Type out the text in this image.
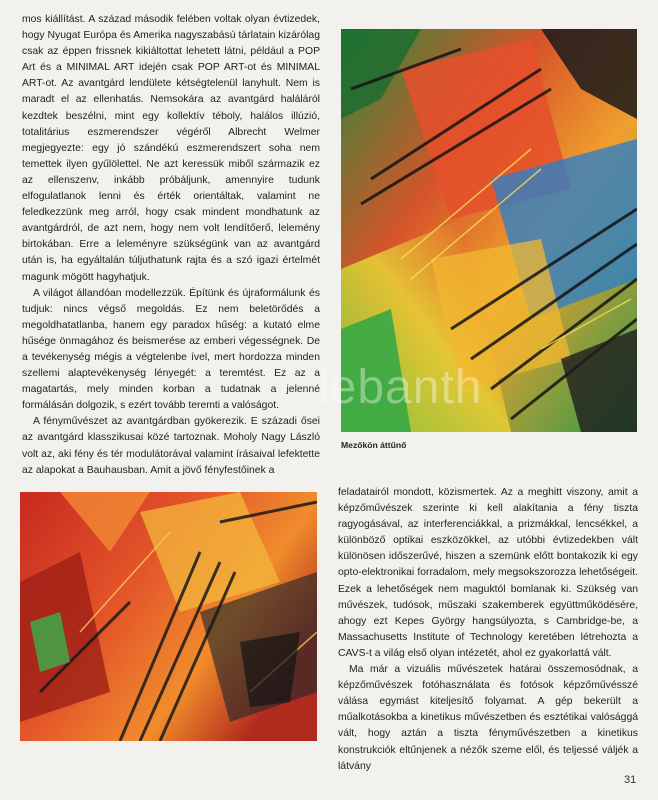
mos kiállítást. A század második felében voltak olyan évtizedek, hogy Nyugat Európa és Amerika nagyszabású tárlatain kizárólag csak az éppen frissnek kikiáltottat lehetett látni, például a POP Art és a MINIMAL ART idején csak POP ART-ot és MINIMAL ART-ot. Az avantgárd lendülete kétségtelenül lanyhult. Nem is maradt el az ellenhatás. Nemsokára az avantgárd haláláról kezdtek beszélni, mint egy kollektív téboly, halálos illúzió, totalitárius eszmerendszer végéről Albrecht Welmer megjegyezte: egy jó szándékú eszmerendszert soha nem temettek ilyen gyűlölettel. Ne azt keressük miből származik ez az ellenszenv, inkább próbáljunk, amennyire tudunk elfogulatlanok lenni és érték orientáltak, valamint ne feledkezzünk meg arról, hogy csak mindent mondhatunk az avantgárdról, de azt nem, hogy nem volt lendítőerő, lelemény birtokában. Erre a leleményre szükségünk van az avantgárd után is, ha egyáltalán túljuthatunk rajta és a szó igazi értelmét magunk mögött hagyhatjuk.

A világot állandóan modellezzük. Építünk és újraformálunk és tudjuk: nincs végső megoldás. Ez nem beletörődés a megoldhatatlanba, hanem egy paradox hűség: a kutató elme hűsége önmagához és beismerése az emberi végességnek. De a tevékenység mégis a végtelenbe ível, mert hordozza minden szellemi alaptevékenység lényegét: a teremtést. Ez az a magatartás, mely minden korban a tudatnak a jelenné formálásán dolgozik, s ezért tovább teremti a valóságot.

A fényművészet az avantgárdban gyökerezik. E századi ősei az avantgárd klasszikusai közé tartoznak. Moholy Nagy László volt az, aki fény és tér modulátorával valamint írásaival lefektette az alapokat a Bauhausban. Amit a jövő fényfestőinek a

Mezőkön áttűnő
lebanth

feladatairól mondott, közismertek. Az a meghitt viszony, amit a képzőművészek szerinte ki kell alakítania a fény tiszta ragyogásával, az interferenciákkal, a prizmákkal, lencsékkel, a különböző optikai eszközökkel, az utóbbi évtizedekben vált különösen időszerűvé, hiszen a szemünk előtt bontakozik ki egy opto-elektronikai forradalom, mely megsokszorozza lehetőségeit. Ezek a lehetőségek nem maguktól bomlanak ki. Szükség van művészek, tudósok, műszaki szakemberek együttműködésére, ahogy ezt Kepes György hangsúlyozta, s Cambridge-be, a Massachusetts Institute of Technology keretében létrehozta a CAVS-t a világ első olyan intézetét, ahol ez gyakorlattá vált.

Ma már a vizuális művészetek határai összemosódnak, a képzőművészek fotóhasználata és fotósok képzőművésszé válása egymást kiteljesítő folyamat. A gép bekerült a műalkotásokba a kinetikus művészetben és esztétikai valósággá vált, hogy aztán a tiszta fényművészetben a kinetikus konstrukciók eltűnjenek a nézők szeme elől, és teljessé váljék a látvány

31
